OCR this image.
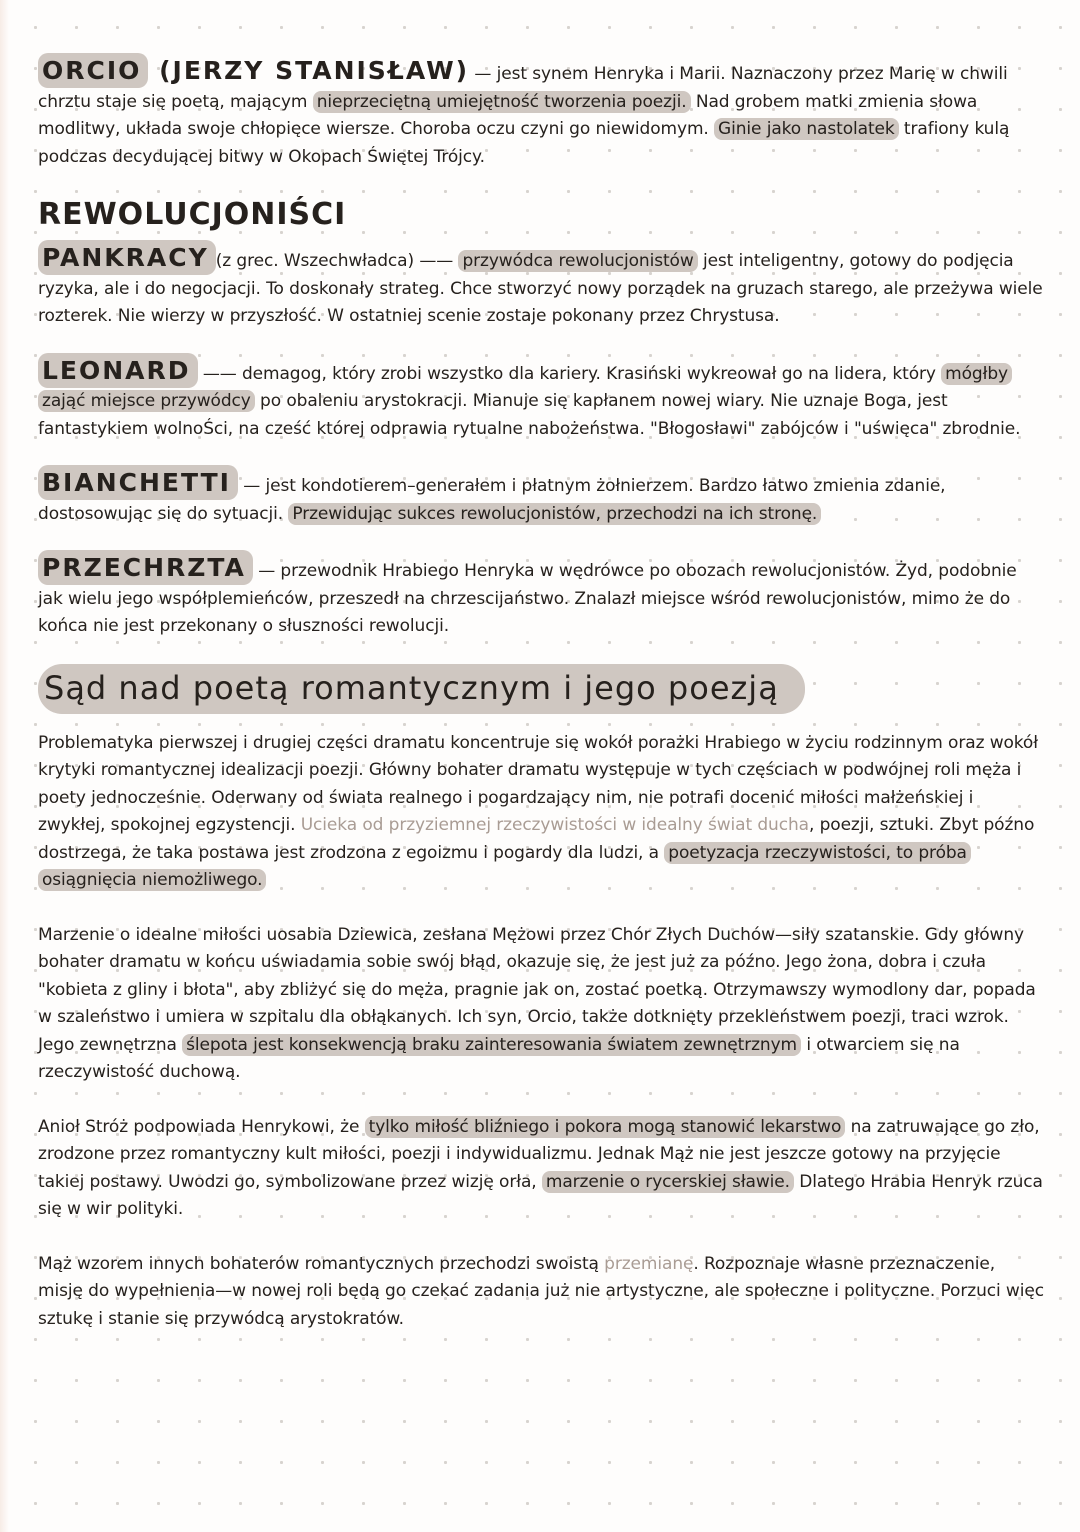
ORCIO (JERZY STANISŁAW) — jest synem Henryka i Marii. Naznaczony przez Marię w chwili chrztu staje się poetą, mającym nieprzeciętną umiejętność tworzenia poezji. Nad grobem matki zmienia słowa modlitwy, układa swoje chłopięce wiersze. Choroba oczu czyni go niewidomym. Ginie jako nastolatek trafiony kulą podczas decydującej bitwy w Okopach Świętej Trójcy.

REWOLUCJONIŚCI

PANKRACY (z grec. Wszechwładca) —— przywódca rewolucjonistów jest inteligentny, gotowy do podjęcia ryzyka, ale i do negocjacji. To doskonały strateg. Chce stworzyć nowy porządek na gruzach starego, ale przeżywa wiele rozterek. Nie wierzy w przyszłość. W ostatniej scenie zostaje pokonany przez Chrystusa.

LEONARD —— demagog, który zrobi wszystko dla kariery. Krasiński wykreował go na lidera, który mógłby zająć miejsce przywódcy po obaleniu arystokracji. Mianuje się kapłanem nowej wiary. Nie uznaje Boga, jest fantastykiem wolnoŚci, na cześć której odprawia rytualne nabożeństwa. "Błogosławi" zabójców i "uświęca" zbrodnie.

BIANCHETTI — jest kondotierem–generałem i płatnym żołnierzem. Bardzo łatwo zmienia zdanie, dostosowując się do sytuacji. Przewidując sukces rewolucjonistów, przechodzi na ich stronę.

PRZECHRZTA — przewodnik Hrabiego Henryka w wędrówce po obozach rewolucjonistów. Żyd, podobnie jak wielu jego współplemieńców, przeszedł na chrzescijaństwo. Znalazł miejsce wśród rewolucjonistów, mimo że do końca nie jest przekonany o słuszności rewolucji.

Sąd nad poetą romantycznym i jego poezją

Problematyka pierwszej i drugiej części dramatu koncentruje się wokół porażki Hrabiego w życiu rodzinnym oraz wokół krytyki romantycznej idealizacji poezji. Główny bohater dramatu występuje w tych częściach w podwójnej roli męża i poety jednocześnie. Oderwany od świata realnego i pogardzający nim, nie potrafi docenić miłości małżeńskiej i zwykłej, spokojnej egzystencji. Ucieka od przyziemnej rzeczywistości w idealny świat ducha, poezji, sztuki. Zbyt późno dostrzega, że taka postawa jest zrodzona z egoizmu i pogardy dla ludzi, a poetyzacja rzeczywistości, to próba osiągnięcia niemożliwego.

Marzenie o idealne miłości uosabia Dziewica, zesłana Mężowi przez Chór Złych Duchów—siły szatanskie. Gdy główny bohater dramatu w końcu uświadamia sobie swój błąd, okazuje się, że jest już za późno. Jego żona, dobra i czuła "kobieta z gliny i błota", aby zbliżyć się do męża, pragnie jak on, zostać poetką. Otrzymawszy wymodlony dar, popada w szaleństwo i umiera w szpitalu dla obłąkanych. Ich syn, Orcio, także dotknięty przekleństwem poezji, traci wzrok. Jego zewnętrzna ślepota jest konsekwencją braku zainteresowania światem zewnętrznym i otwarciem się na rzeczywistość duchową.

Anioł Stróż podpowiada Henrykowi, że tylko miłość bliźniego i pokora mogą stanowić lekarstwo na zatruwające go zło, zrodzone przez romantyczny kult miłości, poezji i indywidualizmu. Jednak Mąż nie jest jeszcze gotowy na przyjęcie takiej postawy. Uwodzi go, symbolizowane przez wizję orła, marzenie o rycerskiej sławie. Dlatego Hrabia Henryk rzuca się w wir polityki.

Mąż wzorem innych bohaterów romantycznych przechodzi swoistą przemianę. Rozpoznaje własne przeznaczenie, misję do wypełnienia—w nowej roli będą go czekać zadania już nie artystyczne, ale społeczne i polityczne. Porzuci więc sztukę i stanie się przywódcą arystokratów.
